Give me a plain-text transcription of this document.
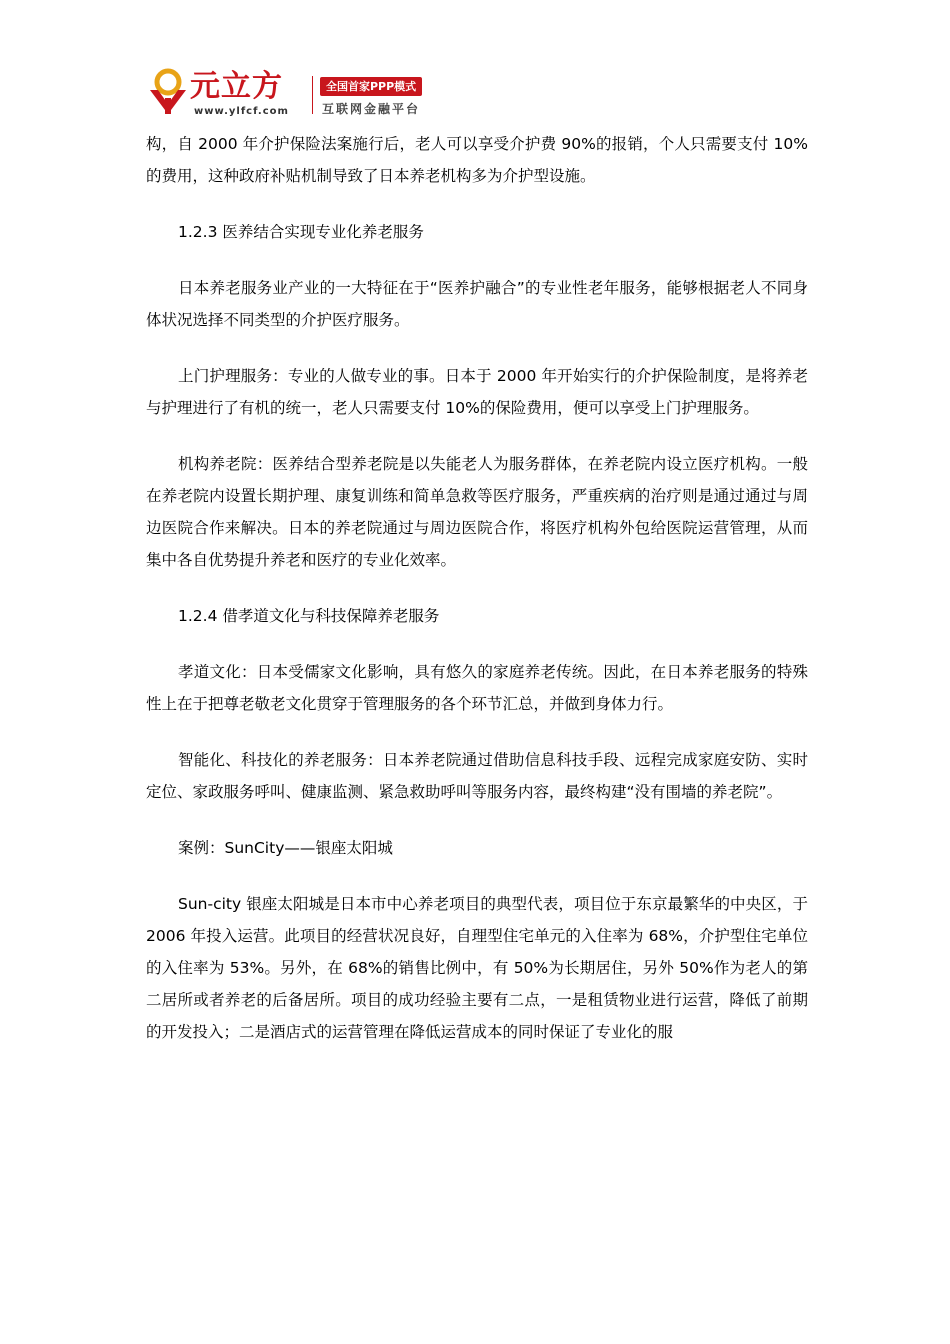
元立方
www.ylfcf.com
全国首家PPP模式
互联网金融平台

构，自 2000 年介护保险法案施行后，老人可以享受介护费 90%的报销，个人只需要支付 10%的费用，这种政府补贴机制导致了日本养老机构多为介护型设施。

1.2.3 医养结合实现专业化养老服务

日本养老服务业产业的一大特征在于“医养护融合”的专业性老年服务，能够根据老人不同身体状况选择不同类型的介护医疗服务。

上门护理服务：专业的人做专业的事。日本于 2000 年开始实行的介护保险制度，是将养老与护理进行了有机的统一，老人只需要支付 10%的保险费用，便可以享受上门护理服务。

机构养老院：医养结合型养老院是以失能老人为服务群体，在养老院内设立医疗机构。一般在养老院内设置长期护理、康复训练和简单急救等医疗服务，严重疾病的治疗则是通过通过与周边医院合作来解决。日本的养老院通过与周边医院合作，将医疗机构外包给医院运营管理，从而集中各自优势提升养老和医疗的专业化效率。

1.2.4 借孝道文化与科技保障养老服务

孝道文化：日本受儒家文化影响，具有悠久的家庭养老传统。因此，在日本养老服务的特殊性上在于把尊老敬老文化贯穿于管理服务的各个环节汇总，并做到身体力行。

智能化、科技化的养老服务：日本养老院通过借助信息科技手段、远程完成家庭安防、实时定位、家政服务呼叫、健康监测、紧急救助呼叫等服务内容，最终构建“没有围墙的养老院”。

案例：SunCity——银座太阳城

Sun-city 银座太阳城是日本市中心养老项目的典型代表，项目位于东京最繁华的中央区，于 2006 年投入运营。此项目的经营状况良好，自理型住宅单元的入住率为 68%，介护型住宅单位的入住率为 53%。另外，在 68%的销售比例中，有 50%为长期居住，另外 50%作为老人的第二居所或者养老的后备居所。项目的成功经验主要有二点，一是租赁物业进行运营，降低了前期的开发投入；二是酒店式的运营管理在降低运营成本的同时保证了专业化的服
